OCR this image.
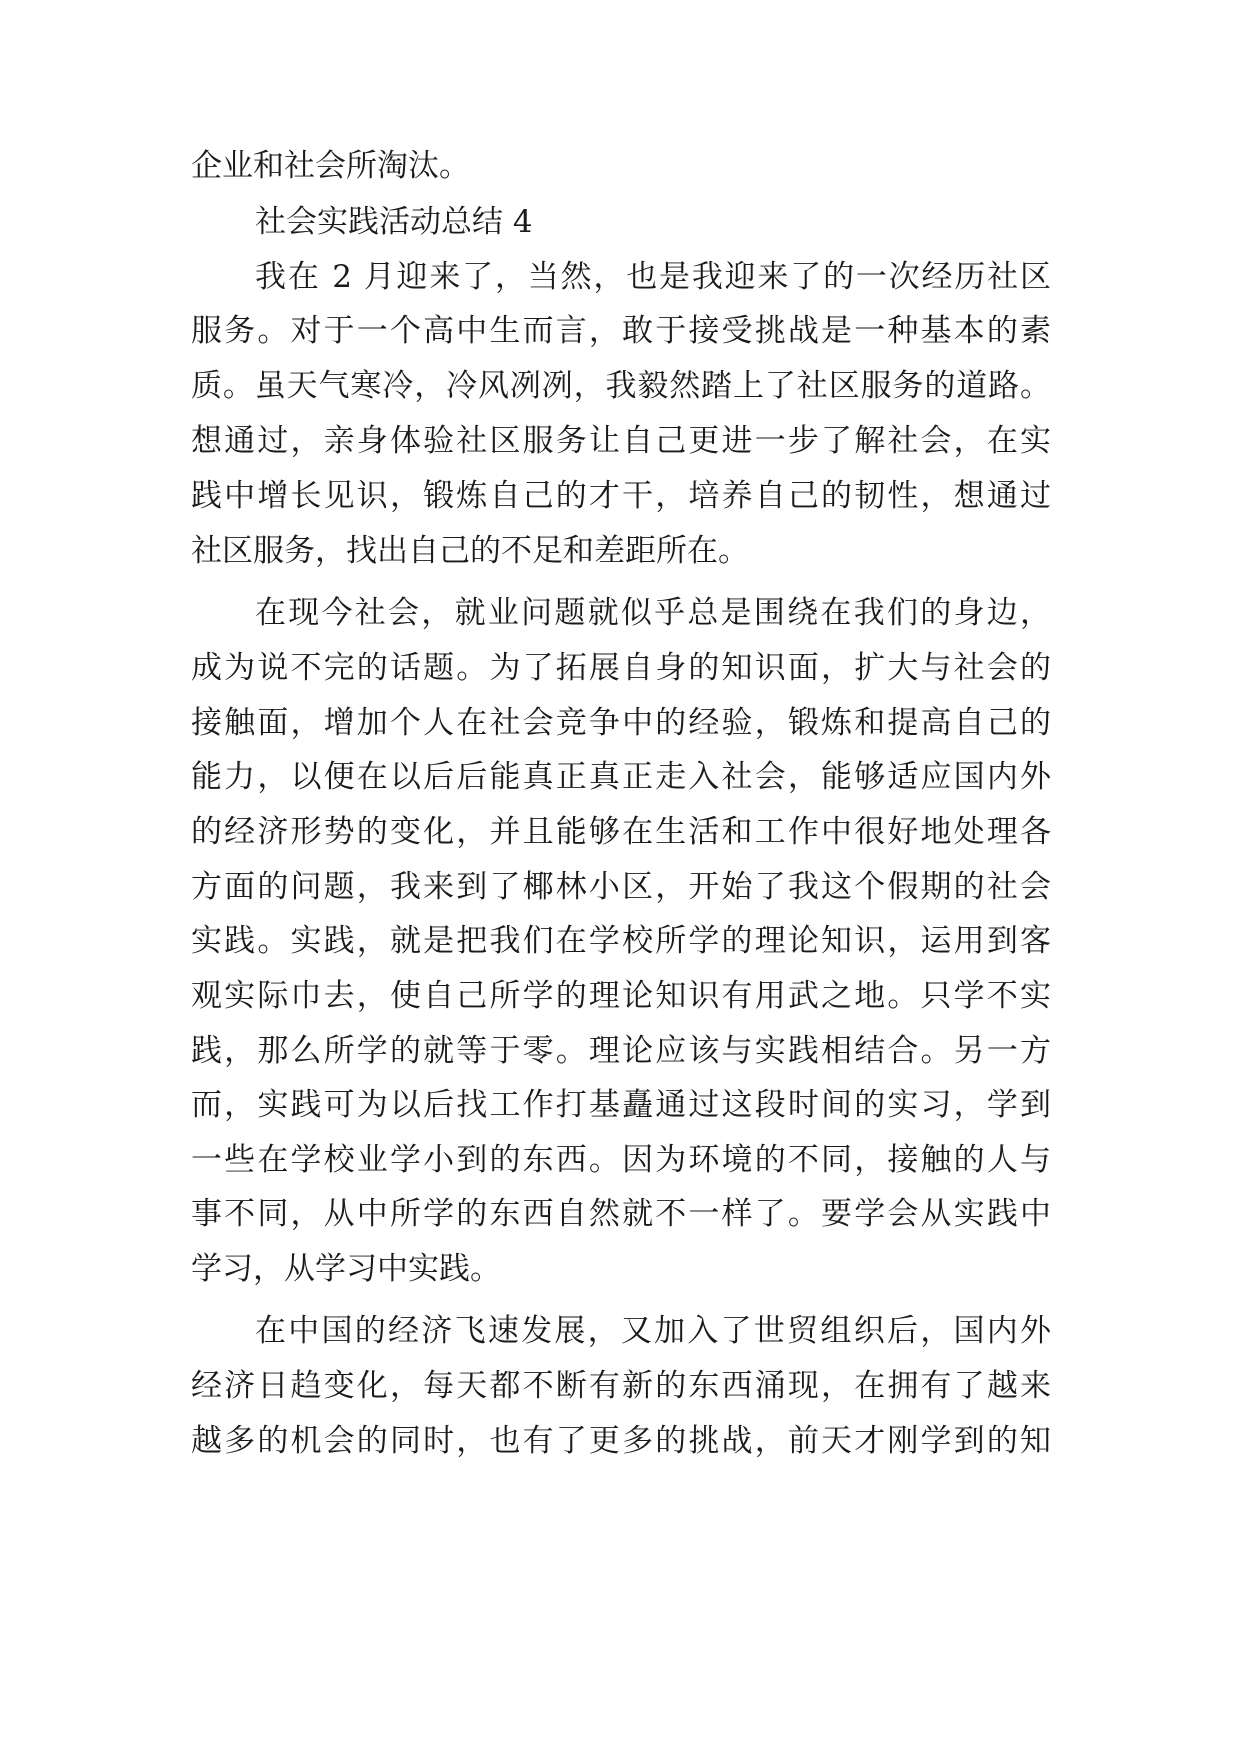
企业和社会所淘汰。
社会实践活动总结 4
我在 2 月迎来了，当然，也是我迎来了的一次经历社区
服务。对于一个高中生而言，敢于接受挑战是一种基本的素
质。虽天气寒冷，冷风冽冽，我毅然踏上了社区服务的道路。
想通过，亲身体验社区服务让自己更进一步了解社会，在实
践中增长见识，锻炼自己的才干，培养自己的韧性，想通过
社区服务，找出自己的不足和差距所在。
在现今社会，就业问题就似乎总是围绕在我们的身边，
成为说不完的话题。为了拓展自身的知识面，扩大与社会的
接触面，增加个人在社会竞争中的经验，锻炼和提高自己的
能力，以便在以后后能真正真正走入社会，能够适应国内外
的经济形势的变化，并且能够在生活和工作中很好地处理各
方面的问题，我来到了椰林小区，开始了我这个假期的社会
实践。实践，就是把我们在学校所学的理论知识，运用到客
观实际巾去，使自己所学的理论知识有用武之地。只学不实
践，那么所学的就等于零。理论应该与实践相结合。另一方
而，实践可为以后找工作打基矗通过这段时间的实习，学到
一些在学校业学小到的东西。因为环境的不同，接触的人与
事不同，从中所学的东西自然就不一样了。要学会从实践中
学习，从学习中实践。
在中国的经济飞速发展，又加入了世贸组织后，国内外
经济日趋变化，每天都不断有新的东西涌现，在拥有了越来
越多的机会的同时，也有了更多的挑战，前天才刚学到的知
